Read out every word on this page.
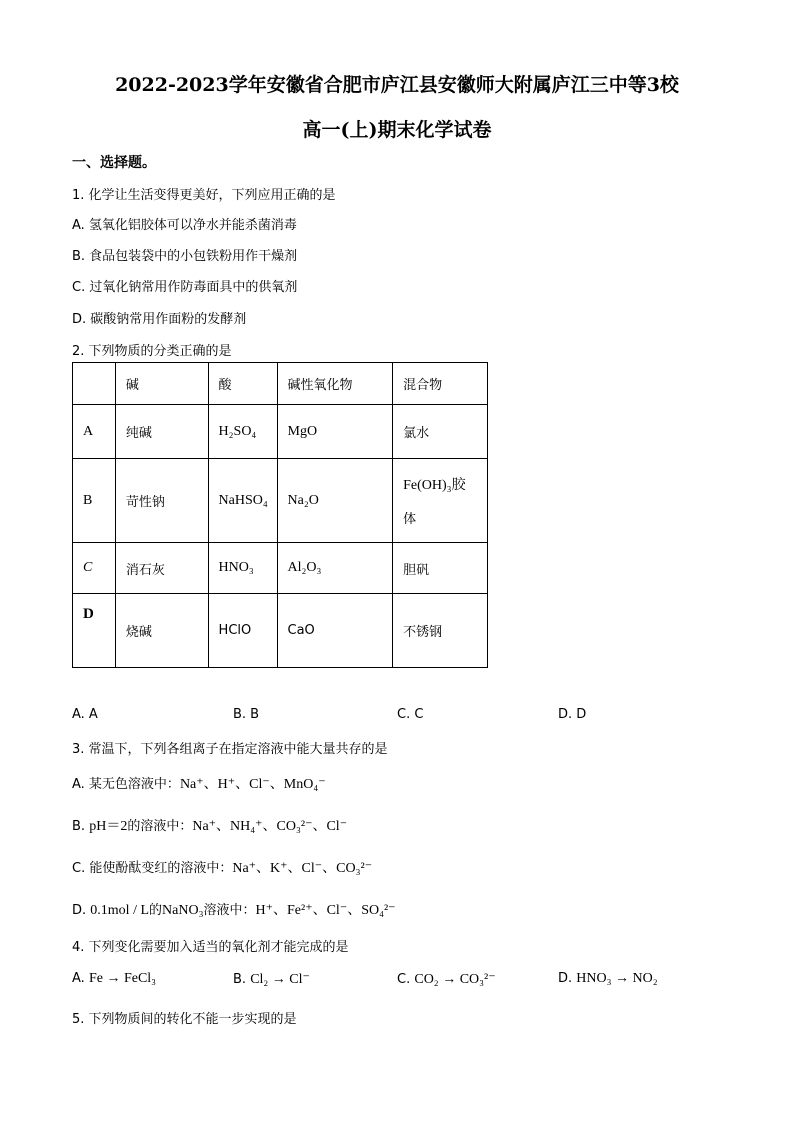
2022-2023学年安徽省合肥市庐江县安徽师大附属庐江三中等3校
高一(上)期末化学试卷
一、选择题。
1. 化学让生活变得更美好，下列应用正确的是
A. 氢氧化铝胶体可以净水并能杀菌消毒
B. 食品包装袋中的小包铁粉用作干燥剂
C. 过氧化钠常用作防毒面具中的供氧剂
D. 碳酸钠常用作面粉的发酵剂
2. 下列物质的分类正确的是
	碱	酸	碱性氧化物	混合物
A	纯碱	H₂SO₄	MgO	氯水
B	苛性钠	NaHSO₄	Na₂O	Fe(OH)₃胶
体

C	消石灰	HNO₃	Al₂O₃	胆矾
D	烧碱	HClO	CaO	不锈钢
A. A	B. B	C. C	D. D
3. 常温下，下列各组离子在指定溶液中能大量共存的是
A. 某无色溶液中：Na⁺、H⁺、Cl⁻、MnO₄⁻
B. pH＝2的溶液中：Na⁺、NH₄⁺、CO₃²⁻、Cl⁻
C. 能使酚酞变红的溶液中：Na⁺、K⁺、Cl⁻、CO₃²⁻
D. 0.1mol / L的NaNO₃溶液中：H⁺、Fe²⁺、Cl⁻、SO₄²⁻
4. 下列变化需要加入适当的氧化剂才能完成的是
A. Fe → FeCl₃	B. Cl₂ → Cl⁻	C. CO₂ → CO₃²⁻	D. HNO₃ → NO₂
5. 下列物质间的转化不能一步实现的是
